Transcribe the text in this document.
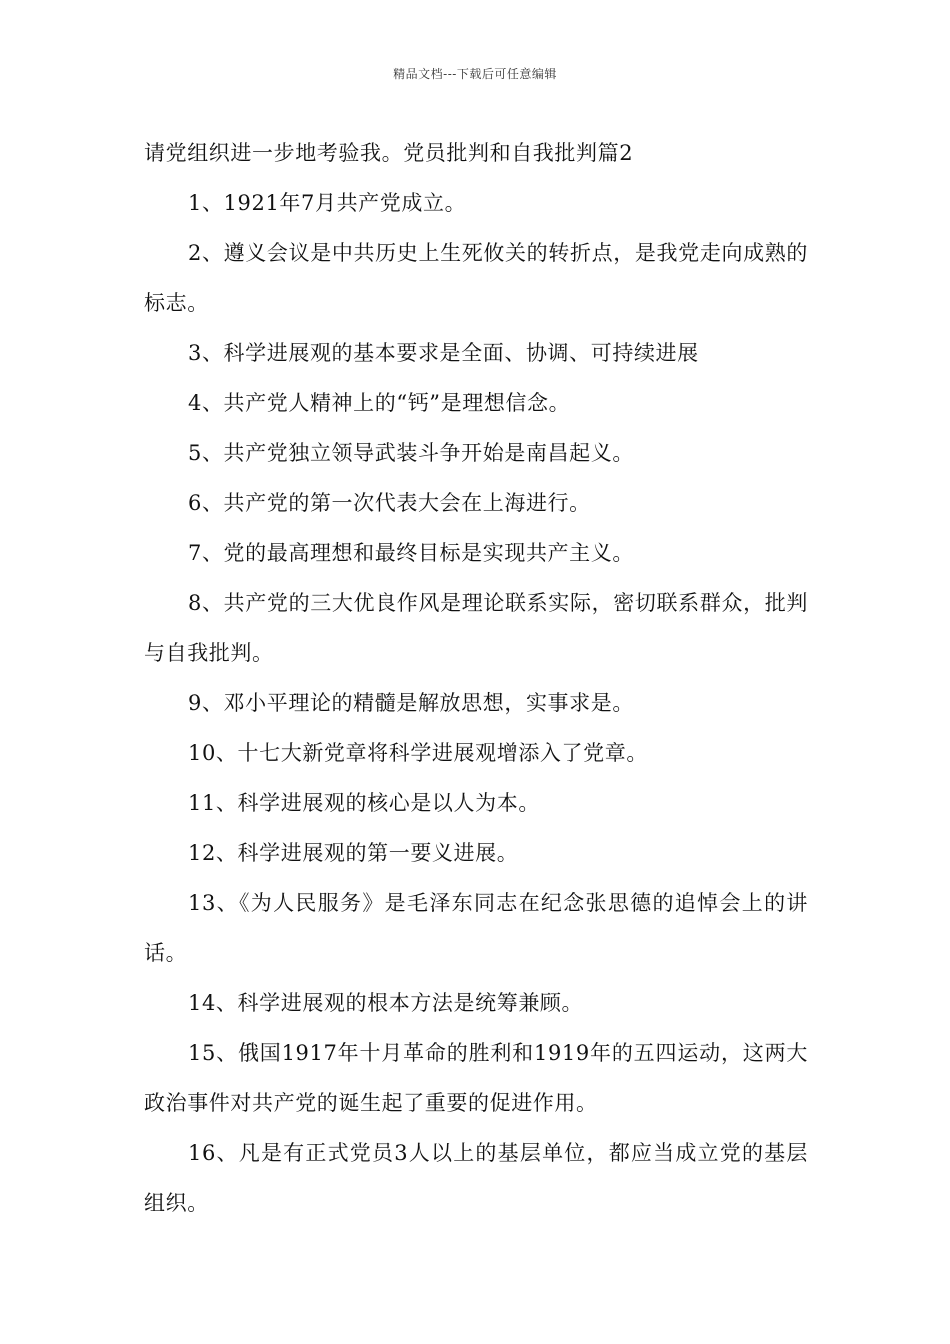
精品文档---下载后可任意编辑

请党组织进一步地考验我。党员批判和自我批判篇2

1、1921年7月共产党成立。

2、遵义会议是中共历史上生死攸关的转折点，是我党走向成熟的标志。

3、科学进展观的基本要求是全面、协调、可持续进展

4、共产党人精神上的“钙”是理想信念。

5、共产党独立领导武装斗争开始是南昌起义。

6、共产党的第一次代表大会在上海进行。

7、党的最高理想和最终目标是实现共产主义。

8、共产党的三大优良作风是理论联系实际，密切联系群众，批判与自我批判。

9、邓小平理论的精髓是解放思想，实事求是。

10、十七大新党章将科学进展观增添入了党章。

11、科学进展观的核心是以人为本。

12、科学进展观的第一要义进展。

13、《为人民服务》是毛泽东同志在纪念张思德的追悼会上的讲话。

14、科学进展观的根本方法是统筹兼顾。

15、俄国1917年十月革命的胜利和1919年的五四运动，这两大政治事件对共产党的诞生起了重要的促进作用。

16、凡是有正式党员3人以上的基层单位，都应当成立党的基层组织。
